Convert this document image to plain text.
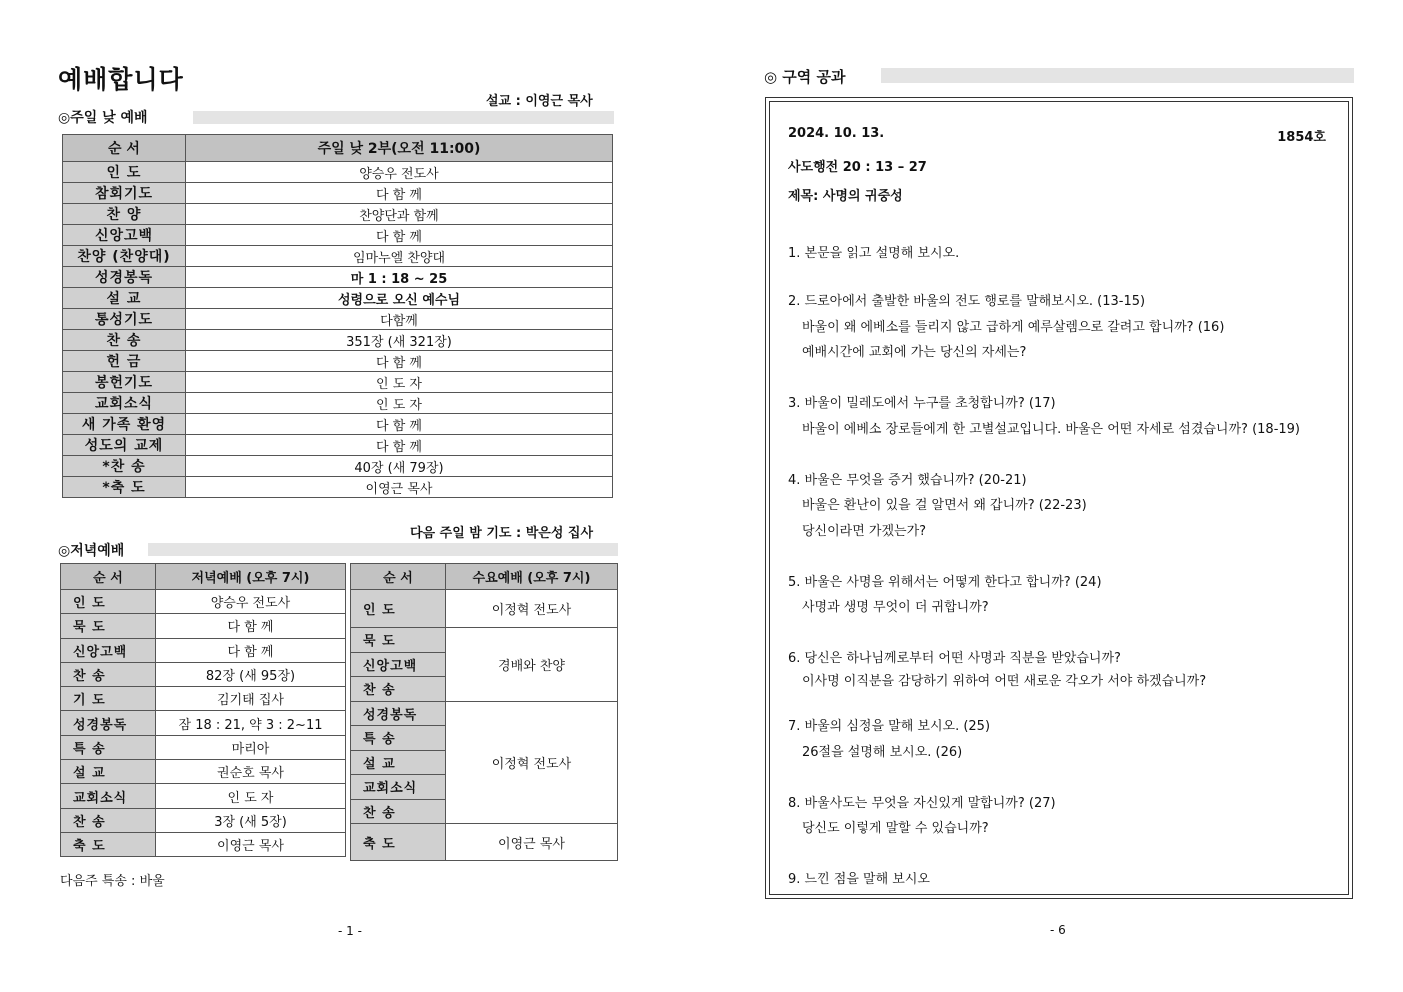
예배합니다
설교 : 이영근 목사
◎주일 낮 예배
순 서	주일 낮 2부(오전 11:00)
인 도	양승우 전도사
참회기도	다 함 께
찬 양	찬양단과 함께
신앙고백	다 함 께
찬양 (찬양대)	임마누엘 찬양대
성경봉독	마 1 : 18 ~ 25
설 교	성령으로 오신 예수님
통성기도	다함께
찬 송	351장 (새 321장)
헌 금	다 함 께
봉헌기도	인 도 자
교회소식	인 도 자
새 가족 환영	다 함 께
성도의 교제	다 함 께
*찬 송	40장 (새 79장)
*축 도	이영근 목사
다음 주일 밤 기도 : 박은성 집사
◎저녁예배
순 서	저녁예배 (오후 7시)
인 도	양승우 전도사
묵 도	다 함 께
신앙고백	다 함 께
찬 송	82장 (새 95장)
기 도	김기태 집사
성경봉독	잠 18 : 21, 약 3 : 2~11
특 송	마리아
설 교	권순호 목사
교회소식	인 도 자
찬 송	3장 (새 5장)
축 도	이영근 목사
순 서	수요예배 (오후 7시)
인 도	이정혁 전도사
묵 도	경배와 찬양
신앙고백	
찬 송	
성경봉독	이정혁 전도사
특 송	
설 교	
교회소식	
찬 송	
축 도	이영근 목사
다음주 특송 : 바울
- 1 -
◎ 구역 공과
2024. 10. 13.	1854호
사도행전 20 : 13 – 27
제목: 사명의 귀중성
1. 본문을 읽고 설명해 보시오.
2. 드로아에서 출발한 바울의 전도 행로를 말해보시오. (13-15)
바울이 왜 에베소를 들리지 않고 급하게 예루살렘으로 갈려고 합니까? (16)
예배시간에 교회에 가는 당신의 자세는?
3. 바울이 밀레도에서 누구를 초청합니까? (17)
바울이 에베소 장로들에게 한 고별설교입니다. 바울은 어떤 자세로 섬겼습니까? (18-19)
4. 바울은 무엇을 증거 했습니까? (20-21)
바울은 환난이 있을 걸 알면서 왜 갑니까? (22-23)
당신이라면 가겠는가?
5. 바울은 사명을 위해서는 어떻게 한다고 합니까? (24)
사명과 생명 무엇이 더 귀합니까?
6. 당신은 하나님께로부터 어떤 사명과 직분을 받았습니까?
이사명 이직분을 감당하기 위하여 어떤 새로운 각오가 서야 하겠습니까?
7. 바울의 심정을 말해 보시오. (25)
26절을 설명해 보시오. (26)
8. 바울사도는 무엇을 자신있게 말합니까? (27)
당신도 이렇게 말할 수 있습니까?
9. 느낀 점을 말해 보시오
- 6
